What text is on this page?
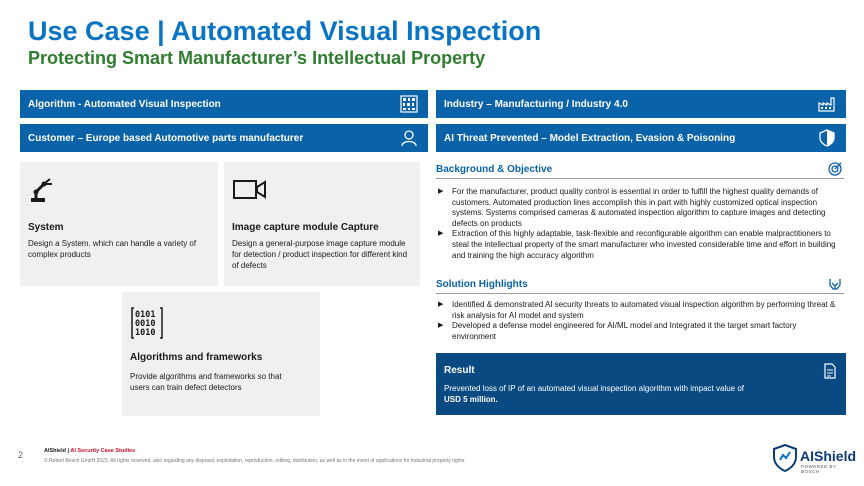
Use Case | Automated Visual Inspection
Protecting Smart Manufacturer’s Intellectual Property
Algorithm - Automated Visual Inspection	Industry – Manufacturing / Industry 4.0
Customer – Europe based Automotive parts manufacturer	AI Threat Prevented – Model Extraction, Evasion & Poisoning
System
Design a System. which can handle a variety of complex products
Image capture module Capture
Design a general-purpose image capture module for detection / product inspection for different kind of defects
0101
0010
1010
Algorithms and frameworks
Provide algorithms and frameworks so that users can train defect detectors
Background & Objective
▶ For the manufacturer, product quality control is essential in order to fulfill the highest quality demands of customers. Automated production lines accomplish this in part with highly customized optical inspection systems. Systems comprised cameras & automated inspection algorithm to capture images and detecting defects on products
▶ Extraction of this highly adaptable, task-flexible and reconfigurable algorithm can enable malpractitioners to steal the intellectual property of the smart manufacturer who invested considerable time and effort in building and training the high accuracy algorithm
Solution Highlights
▶ Identified & demonstrated AI security threats to automated visual inspection algorithm by performing threat & risk analysis for AI model and system
▶ Developed a defense model engineered for AI/ML model and Integrated it the target smart factory environment
Result
Prevented loss of IP of an automated visual inspection algorithm with impact value of
USD 5 million.
2	AIShield | AI Security Case Studies
© Robert Bosch GmbH 2023. All rights reserved, also regarding any disposal, exploitation, reproduction, editing, distribution, as well as in the event of applications for industrial property rights.	AIShield
POWERED BY BOSCH
